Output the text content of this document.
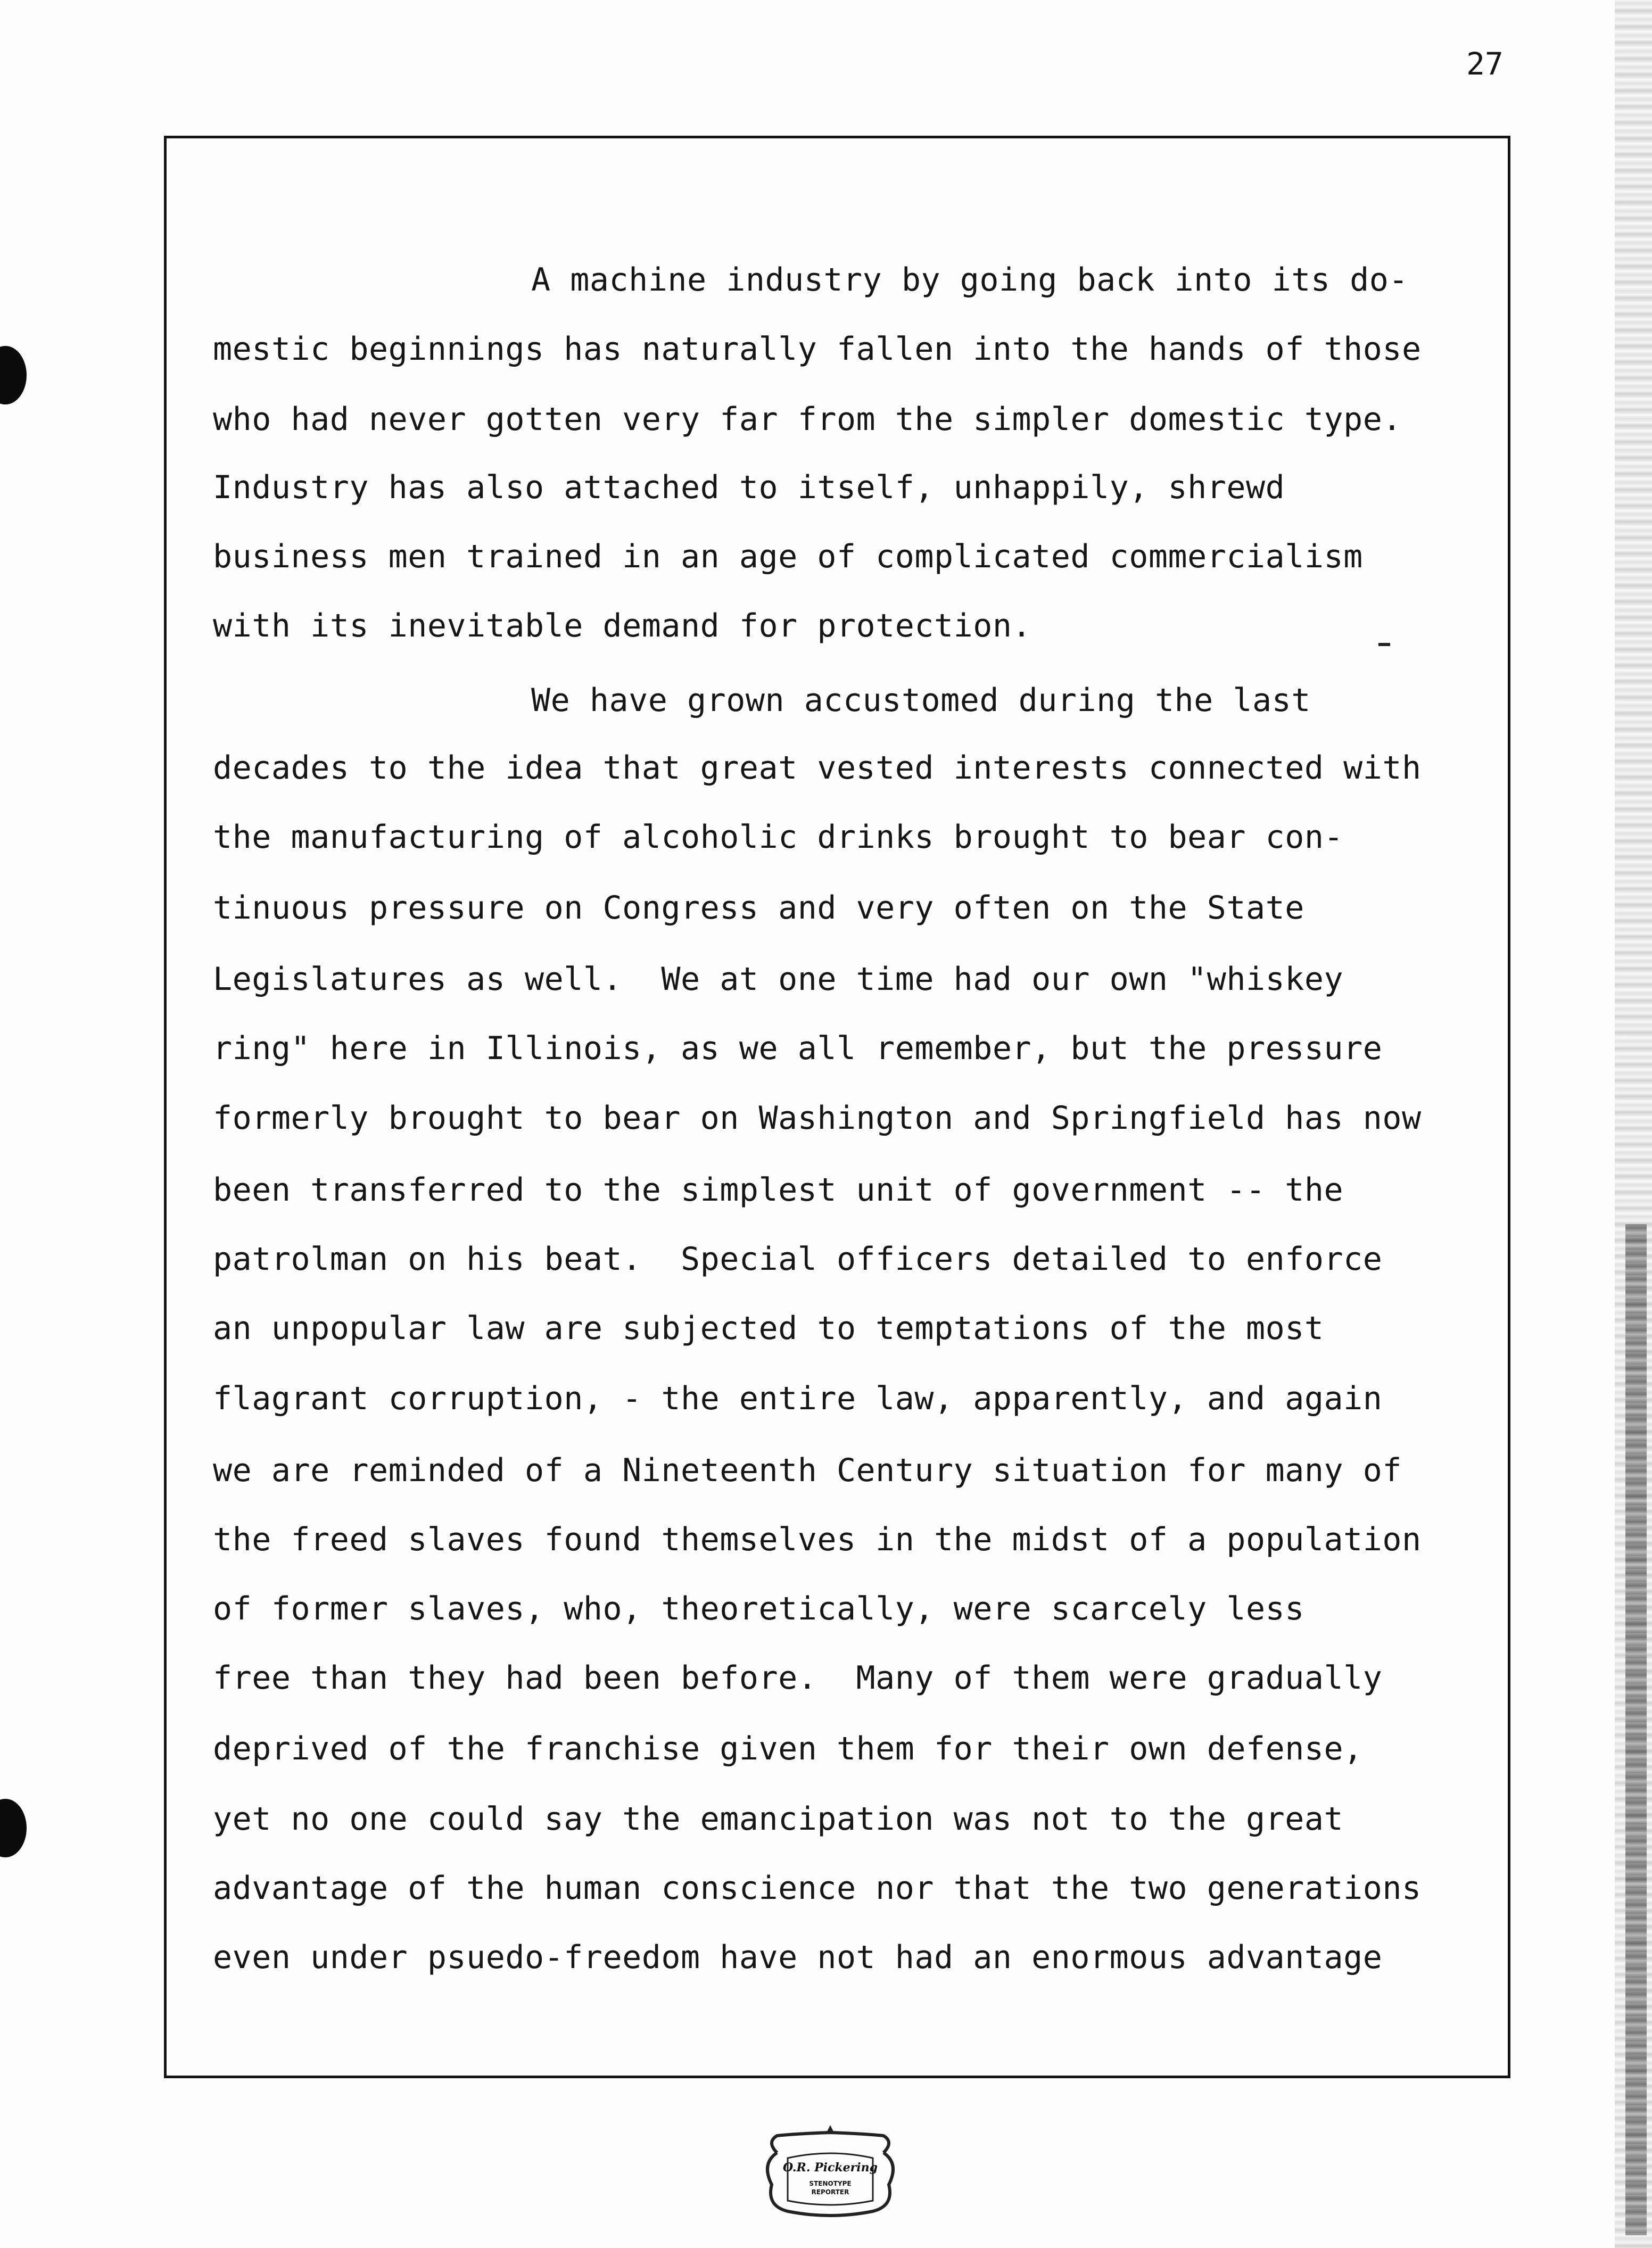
27
A machine industry by going back into its do-
mestic beginnings has naturally fallen into the hands of those
who had never gotten very far from the simpler domestic type.
Industry has also attached to itself, unhappily, shrewd
business men trained in an age of complicated commercialism
with its inevitable demand for protection.
We have grown accustomed during the last
decades to the idea that great vested interests connected with
the manufacturing of alcoholic drinks brought to bear con-
tinuous pressure on Congress and very often on the State
Legislatures as well.  We at one time had our own "whiskey
ring" here in Illinois, as we all remember, but the pressure
formerly brought to bear on Washington and Springfield has now
been transferred to the simplest unit of government -- the
patrolman on his beat.  Special officers detailed to enforce
an unpopular law are subjected to temptations of the most
flagrant corruption, - the entire law, apparently, and again
we are reminded of a Nineteenth Century situation for many of
the freed slaves found themselves in the midst of a population
of former slaves, who, theoretically, were scarcely less
free than they had been before.  Many of them were gradually
deprived of the franchise given them for their own defense,
yet no one could say the emancipation was not to the great
advantage of the human conscience nor that the two generations
even under psuedo-freedom have not had an enormous advantage
O.R. Pickering
STENOTYPE
REPORTER
